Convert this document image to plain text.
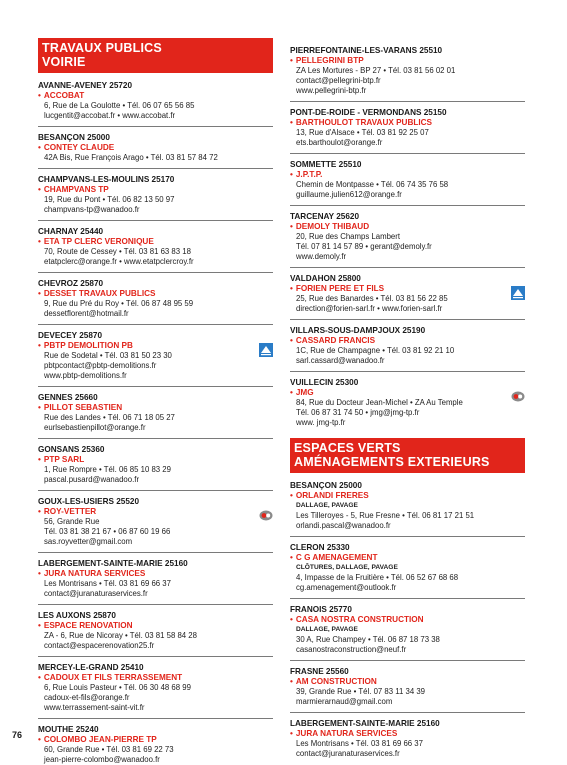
TRAVAUX PUBLICS
VOIRIE
AVANNE-AVENEY 25720
• ACCOBAT
6, Rue de La Goulotte • Tél. 06 07 65 56 85
lucgentit@accobat.fr • www.accobat.fr
BESANÇON 25000
• CONTEY CLAUDE
42A Bis, Rue François Arago • Tél. 03 81 57 84 72
CHAMPVANS-LES-MOULINS 25170
• CHAMPVANS TP
19, Rue du Pont • Tél. 06 82 13 50 97
champvans-tp@wanadoo.fr
CHARNAY 25440
• ETA TP CLERC VERONIQUE
70, Route de Cessey • Tél. 03 81 63 83 18
etatpclerc@orange.fr • www.etatpclercroy.fr
CHEVROZ 25870
• DESSET TRAVAUX PUBLICS
9, Rue du Pré du Roy • Tél. 06 87 48 95 59
dessetflorent@hotmail.fr
DEVECEY 25870
• PBTP DEMOLITION PB
Rue de Sodetal • Tél. 03 81 50 23 30
pbtpcontact@pbtp-demolitions.fr
www.pbtp-demolitions.fr
GENNES 25660
• PILLOT SEBASTIEN
Rue des Landes • Tél. 06 71 18 05 27
eurlsebastienpillot@orange.fr
GONSANS 25360
• PTP SARL
1, Rue Rompre • Tél. 06 85 10 83 29
pascal.pusard@wanadoo.fr
GOUX-LES-USIERS 25520
• ROY-VETTER
56, Grande Rue
Tél. 03 81 38 21 67 • 06 87 60 19 66
sas.royvetter@gmail.com
LABERGEMENT-SAINTE-MARIE 25160
• JURA NATURA SERVICES
Les Montrisans • Tél. 03 81 69 66 37
contact@juranaturaservices.fr
LES AUXONS 25870
• ESPACE RENOVATION
ZA - 6, Rue de Nicoray • Tél. 03 81 58 84 28
contact@espacerenovation25.fr
MERCEY-LE-GRAND 25410
• CADOUX ET FILS TERRASSEMENT
6, Rue Louis Pasteur • Tél. 06 30 48 68 99
cadoux-et-fils@orange.fr
www.terrassement-saint-vit.fr
MOUTHE 25240
• COLOMBO JEAN-PIERRE TP
60, Grande Rue • Tél. 03 81 69 22 73
jean-pierre-colombo@wanadoo.fr
PIERREFONTAINE-LES-VARANS 25510
• PELLEGRINI BTP
ZA Les Mortures - BP 27 • Tél. 03 81 56 02 01
contact@pellegrini-btp.fr
www.pellegrini-btp.fr
PONT-DE-ROIDE - VERMONDANS 25150
• BARTHOULOT TRAVAUX PUBLICS
13, Rue d'Alsace • Tél. 03 81 92 25 07
ets.barthoulot@orange.fr
SOMMETTE 25510
• J.P.T.P.
Chemin de Montpasse • Tél. 06 74 35 76 58
guillaume.julien612@orange.fr
TARCENAY 25620
• DEMOLY THIBAUD
20, Rue des Champs Lambert
Tél. 07 81 14 57 89 • gerant@demoly.fr
www.demoly.fr
VALDAHON 25800
• FORIEN PERE ET FILS
25, Rue des Banardes • Tél. 03 81 56 22 85
direction@forien-sarl.fr • www.forien-sarl.fr
VILLARS-SOUS-DAMPJOUX 25190
• CASSARD FRANCIS
1C, Rue de Champagne • Tél. 03 81 92 21 10
sarl.cassard@wanadoo.fr
VUILLECIN 25300
• JMG
84, Rue du Docteur Jean-Michel • ZA Au Temple
Tél. 06 87 31 74 50 • jmg@jmg-tp.fr
www. jmg-tp.fr
ESPACES VERTS
AMÉNAGEMENTS EXTERIEURS
BESANÇON 25000
• ORLANDI FRERES
DALLAGE, PAVAGE
Les Tilleroyes - 5, Rue Fresne • Tél. 06 81 17 21 51
orlandi.pascal@wanadoo.fr
CLERON 25330
• C G AMENAGEMENT
CLÔTURES, DALLAGE, PAVAGE
4, Impasse de la Fruitière • Tél. 06 52 67 68 68
cg.amenagement@outlook.fr
FRANOIS 25770
• CASA NOSTRA CONSTRUCTION
DALLAGE, PAVAGE
30 A, Rue Champey • Tél. 06 87 18 73 38
casanostraconstruction@neuf.fr
FRASNE 25560
• AM CONSTRUCTION
39, Grande Rue • Tél. 07 83 11 34 39
marmierarnaud@gmail.com
LABERGEMENT-SAINTE-MARIE 25160
• JURA NATURA SERVICES
Les Montrisans • Tél. 03 81 69 66 37
contact@juranaturaservices.fr
76
